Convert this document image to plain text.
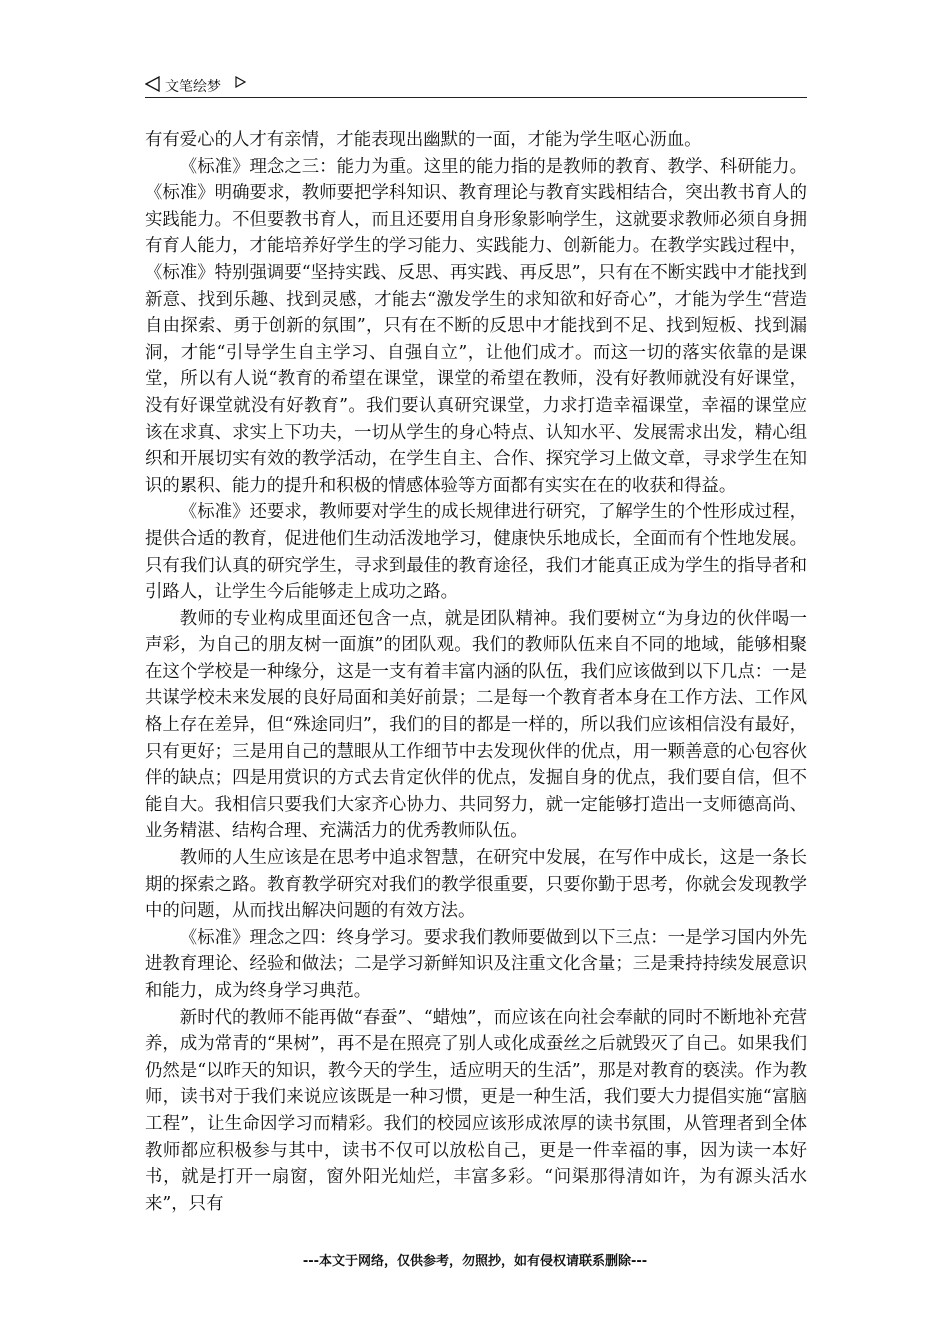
文笔绘梦

有有爱心的人才有亲情，才能表现出幽默的一面，才能为学生呕心沥血。

《标准》理念之三：能力为重。这里的能力指的是教师的教育、教学、科研能力。《标准》明确要求，教师要把学科知识、教育理论与教育实践相结合，突出教书育人的实践能力。不但要教书育人，而且还要用自身形象影响学生，这就要求教师必须自身拥有育人能力，才能培养好学生的学习能力、实践能力、创新能力。在教学实践过程中，《标准》特别强调要“坚持实践、反思、再实践、再反思”，只有在不断实践中才能找到新意、找到乐趣、找到灵感，才能去“激发学生的求知欲和好奇心”，才能为学生“营造自由探索、勇于创新的氛围”，只有在不断的反思中才能找到不足、找到短板、找到漏洞，才能“引导学生自主学习、自强自立”，让他们成才。而这一切的落实依靠的是课堂，所以有人说“教育的希望在课堂，课堂的希望在教师，没有好教师就没有好课堂，没有好课堂就没有好教育”。我们要认真研究课堂，力求打造幸福课堂，幸福的课堂应该在求真、求实上下功夫，一切从学生的身心特点、认知水平、发展需求出发，精心组织和开展切实有效的教学活动，在学生自主、合作、探究学习上做文章，寻求学生在知识的累积、能力的提升和积极的情感体验等方面都有实实在在的收获和得益。

《标准》还要求，教师要对学生的成长规律进行研究，了解学生的个性形成过程，提供合适的教育，促进他们生动活泼地学习，健康快乐地成长，全面而有个性地发展。只有我们认真的研究学生，寻求到最佳的教育途径，我们才能真正成为学生的指导者和引路人，让学生今后能够走上成功之路。

教师的专业构成里面还包含一点，就是团队精神。我们要树立“为身边的伙伴喝一声彩，为自己的朋友树一面旗”的团队观。我们的教师队伍来自不同的地域，能够相聚在这个学校是一种缘分，这是一支有着丰富内涵的队伍，我们应该做到以下几点：一是共谋学校未来发展的良好局面和美好前景；二是每一个教育者本身在工作方法、工作风格上存在差异，但“殊途同归”，我们的目的都是一样的，所以我们应该相信没有最好，只有更好；三是用自己的慧眼从工作细节中去发现伙伴的优点，用一颗善意的心包容伙伴的缺点；四是用赏识的方式去肯定伙伴的优点，发掘自身的优点，我们要自信，但不能自大。我相信只要我们大家齐心协力、共同努力，就一定能够打造出一支师德高尚、业务精湛、结构合理、充满活力的优秀教师队伍。

教师的人生应该是在思考中追求智慧，在研究中发展，在写作中成长，这是一条长期的探索之路。教育教学研究对我们的教学很重要，只要你勤于思考，你就会发现教学中的问题，从而找出解决问题的有效方法。

《标准》理念之四：终身学习。要求我们教师要做到以下三点：一是学习国内外先进教育理论、经验和做法；二是学习新鲜知识及注重文化含量；三是秉持持续发展意识和能力，成为终身学习典范。

新时代的教师不能再做“春蚕”、“蜡烛”，而应该在向社会奉献的同时不断地补充营养，成为常青的“果树”，再不是在照亮了别人或化成蚕丝之后就毁灭了自己。如果我们仍然是“以昨天的知识，教今天的学生，适应明天的生活”，那是对教育的亵渎。作为教师，读书对于我们来说应该既是一种习惯，更是一种生活，我们要大力提倡实施“富脑工程”，让生命因学习而精彩。我们的校园应该形成浓厚的读书氛围，从管理者到全体教师都应积极参与其中，读书不仅可以放松自己，更是一件幸福的事，因为读一本好书，就是打开一扇窗，窗外阳光灿烂，丰富多彩。“问渠那得清如许，为有源头活水来”，只有

---本文于网络，仅供参考，勿照抄，如有侵权请联系删除---
